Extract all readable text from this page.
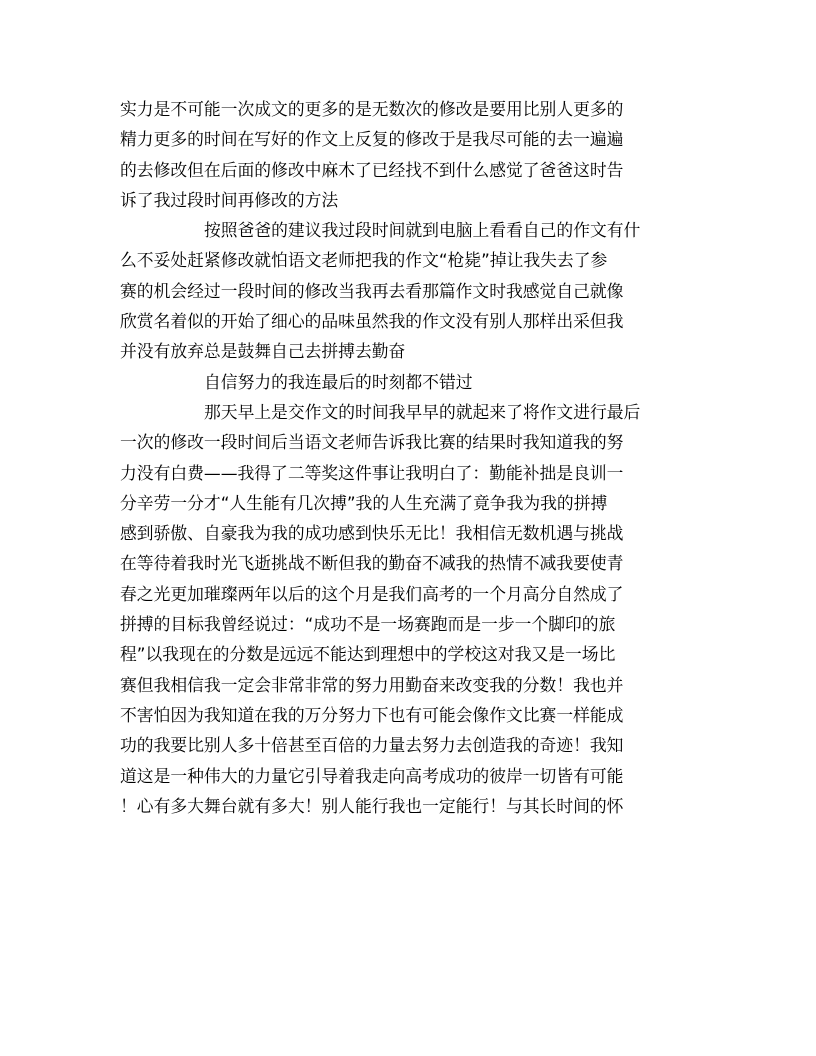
实力是不可能一次成文的更多的是无数次的修改是要用比别人更多的
精力更多的时间在写好的作文上反复的修改于是我尽可能的去一遍遍
的去修改但在后面的修改中麻木了已经找不到什么感觉了爸爸这时告
诉了我过段时间再修改的方法
按照爸爸的建议我过段时间就到电脑上看看自己的作文有什
么不妥处赶紧修改就怕语文老师把我的作文“枪毙”掉让我失去了参
赛的机会经过一段时间的修改当我再去看那篇作文时我感觉自己就像
欣赏名着似的开始了细心的品味虽然我的作文没有别人那样出采但我
并没有放弃总是鼓舞自己去拼搏去勤奋
自信努力的我连最后的时刻都不错过
那天早上是交作文的时间我早早的就起来了将作文进行最后
一次的修改一段时间后当语文老师告诉我比赛的结果时我知道我的努
力没有白费——我得了二等奖这件事让我明白了：勤能补拙是良训一
分辛劳一分才“人生能有几次搏”我的人生充满了竟争我为我的拼搏
感到骄傲、自豪我为我的成功感到快乐无比！我相信无数机遇与挑战
在等待着我时光飞逝挑战不断但我的勤奋不减我的热情不减我要使青
春之光更加璀璨两年以后的这个月是我们高考的一个月高分自然成了
拼搏的目标我曾经说过：“成功不是一场赛跑而是一步一个脚印的旅
程”以我现在的分数是远远不能达到理想中的学校这对我又是一场比
赛但我相信我一定会非常非常的努力用勤奋来改变我的分数！我也并
不害怕因为我知道在我的万分努力下也有可能会像作文比赛一样能成
功的我要比别人多十倍甚至百倍的力量去努力去创造我的奇迹！我知
道这是一种伟大的力量它引导着我走向高考成功的彼岸一切皆有可能
！心有多大舞台就有多大！别人能行我也一定能行！与其长时间的怀
